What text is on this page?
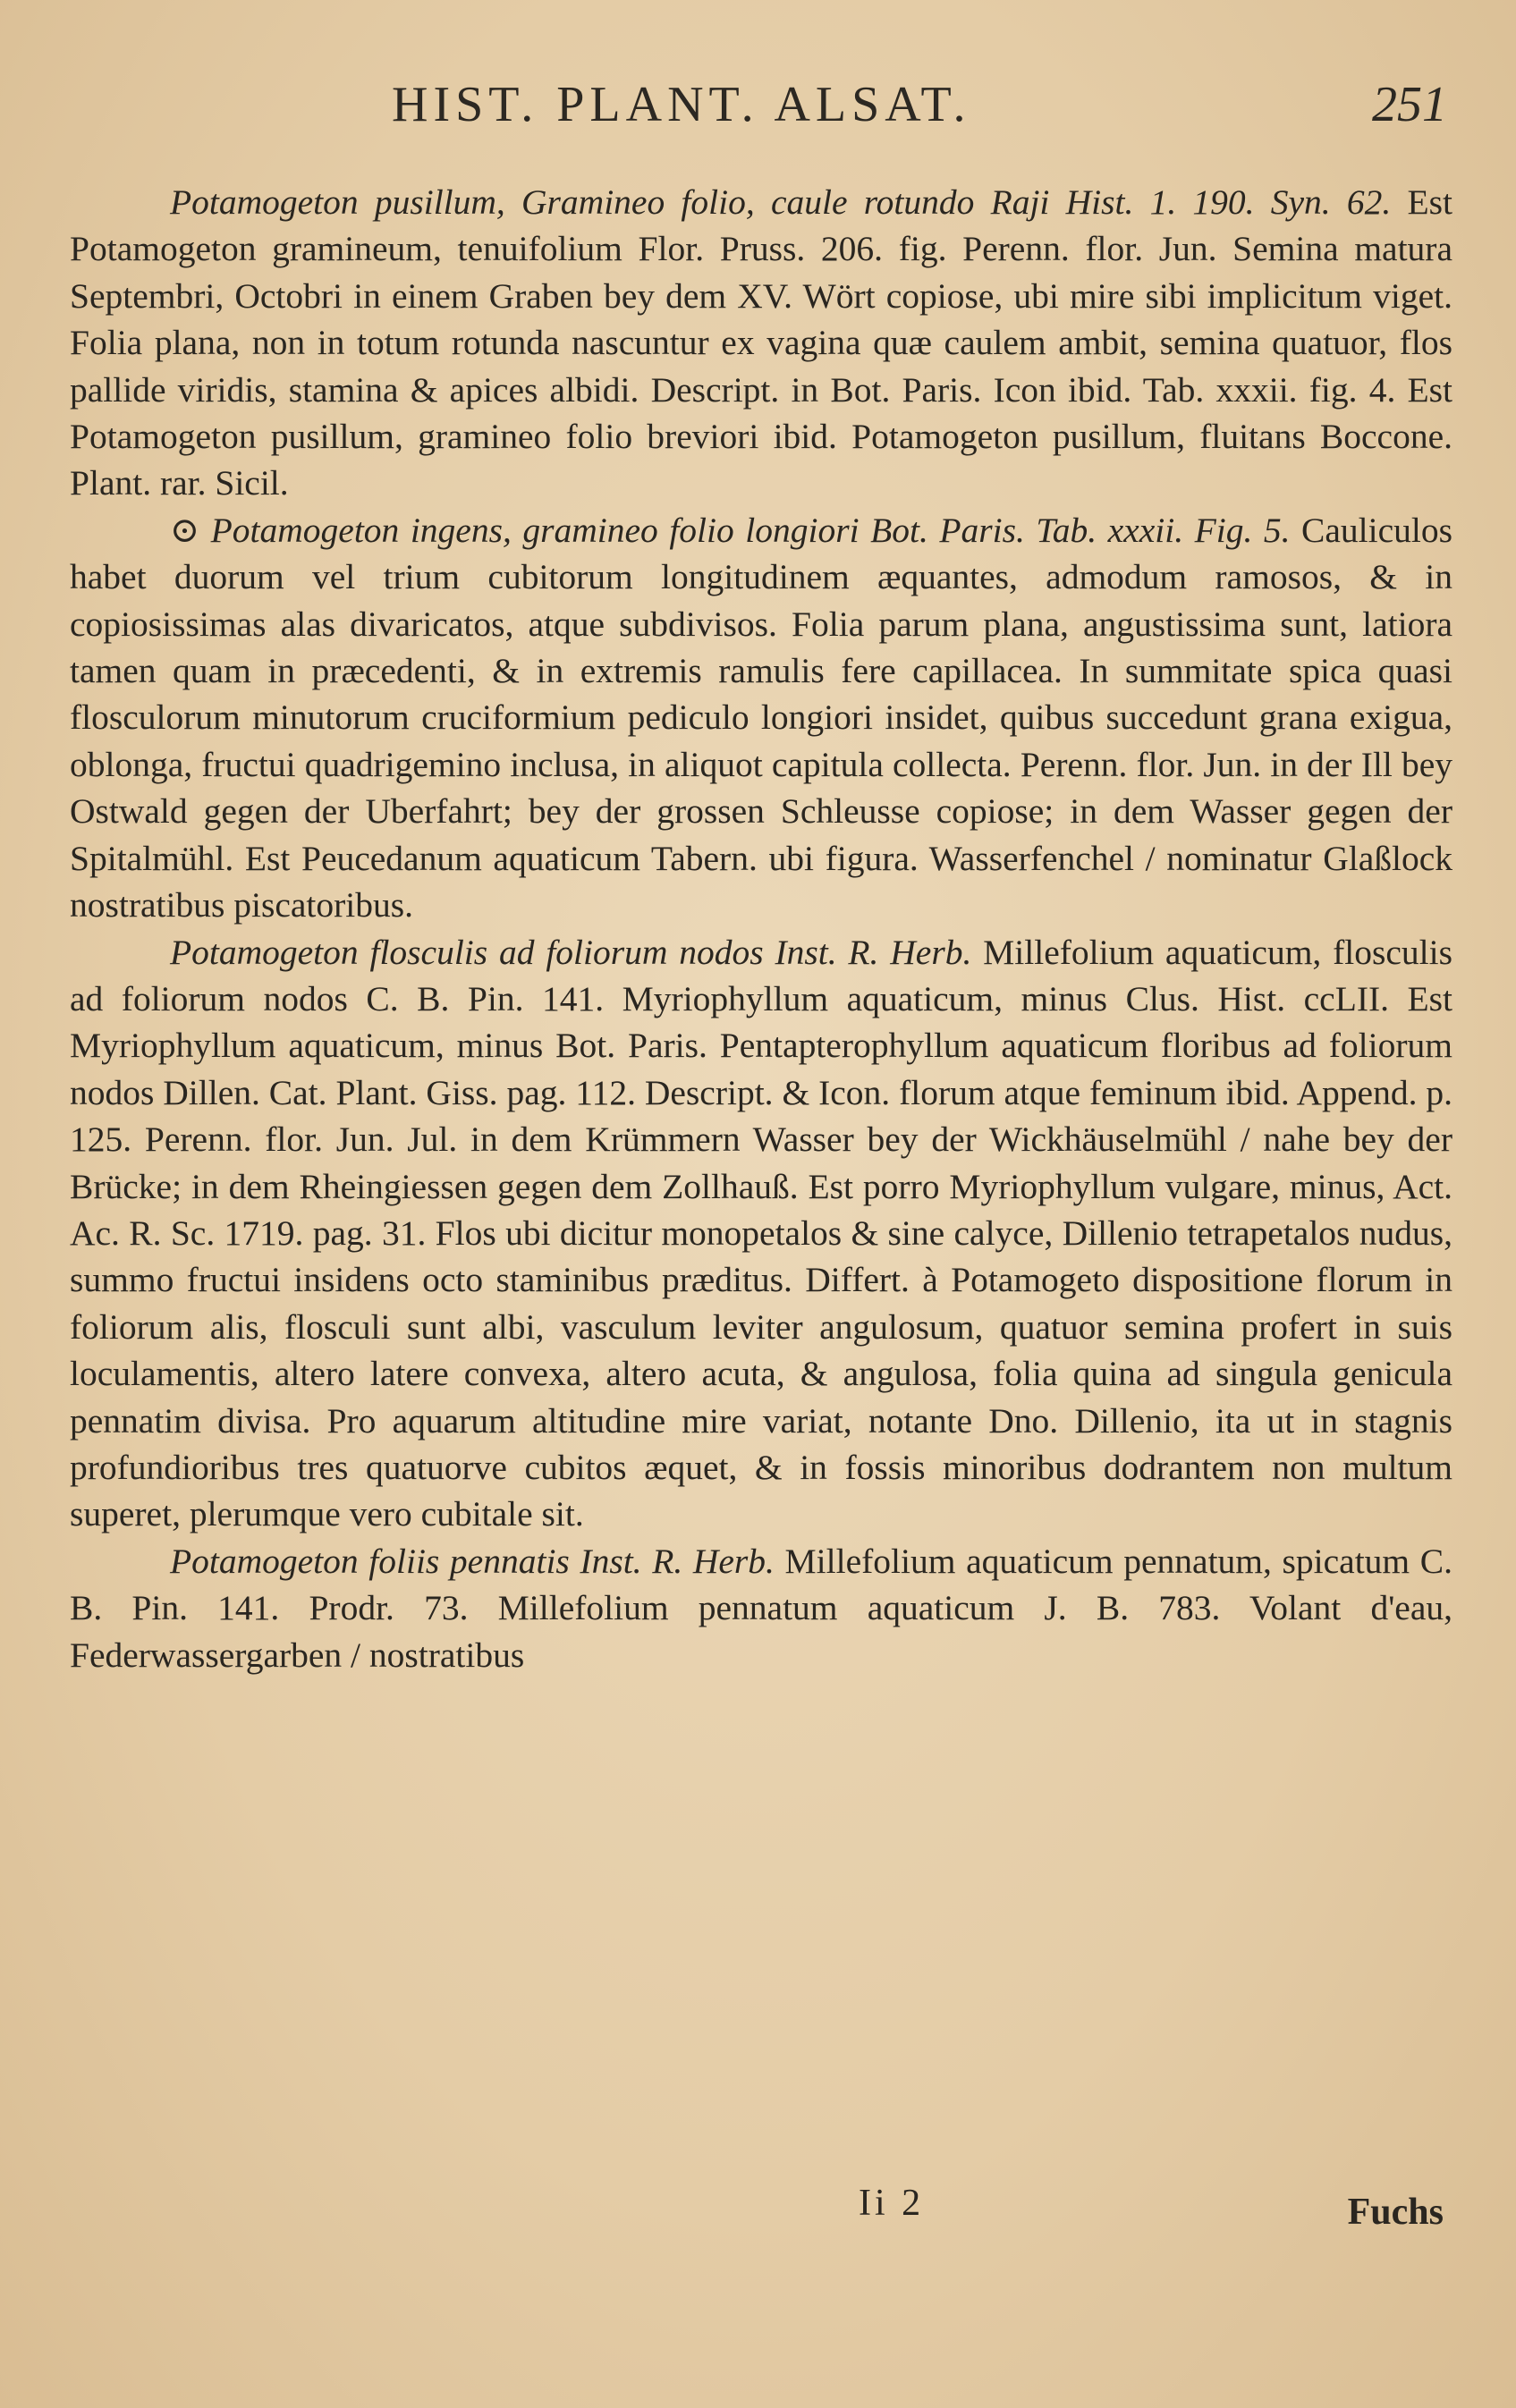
HIST. PLANT. ALSAT.	251

Potamogeton pusillum, Gramineo folio, caule rotundo Raji Hist. 1. 190. Syn. 62. Est Potamogeton gramineum, tenuifolium Flor. Pruss. 206. fig. Perenn. flor. Jun. Semina matura Septembri, Octobri in einem Graben bey dem XV. Wört copiose, ubi mire sibi implicitum viget. Folia plana, non in totum rotunda nascuntur ex vagina quæ caulem ambit, semina quatuor, flos pallide viridis, stamina & apices albidi. Descript. in Bot. Paris. Icon ibid. Tab. xxxii. fig. 4. Est Potamogeton pusillum, gramineo folio breviori ibid. Potamogeton pusillum, fluitans Boccone. Plant. rar. Sicil.

⊙ Potamogeton ingens, gramineo folio longiori Bot. Paris. Tab. xxxii. Fig. 5. Cauliculos habet duorum vel trium cubitorum longitudinem æquantes, admodum ramosos, & in copiosissimas alas divaricatos, atque subdivisos. Folia parum plana, angustissima sunt, latiora tamen quam in præcedenti, & in extremis ramulis fere capillacea. In summitate spica quasi flosculorum minutorum cruciformium pediculo longiori insidet, quibus succedunt grana exigua, oblonga, fructui quadrigemino inclusa, in aliquot capitula collecta. Perenn. flor. Jun. in der Ill bey Ostwald gegen der Uberfahrt; bey der grossen Schleusse copiose; in dem Wasser gegen der Spitalmühl. Est Peucedanum aquaticum Tabern. ubi figura. Wasserfenchel / nominatur Glaßlock nostratibus piscatoribus.

Potamogeton flosculis ad foliorum nodos Inst. R. Herb. Millefolium aquaticum, flosculis ad foliorum nodos C. B. Pin. 141. Myriophyllum aquaticum, minus Clus. Hist. ccLII. Est Myriophyllum aquaticum, minus Bot. Paris. Pentapterophyllum aquaticum floribus ad foliorum nodos Dillen. Cat. Plant. Giss. pag. 112. Descript. & Icon. florum atque feminum ibid. Append. p. 125. Perenn. flor. Jun. Jul. in dem Krümmern Wasser bey der Wickhäuselmühl / nahe bey der Brücke; in dem Rheingiessen gegen dem Zollhauß. Est porro Myriophyllum vulgare, minus, Act. Ac. R. Sc. 1719. pag. 31. Flos ubi dicitur monopetalos & sine calyce, Dillenio tetrapetalos nudus, summo fructui insidens octo staminibus præditus. Differt. à Potamogeto dispositione florum in foliorum alis, flosculi sunt albi, vasculum leviter angulosum, quatuor semina profert in suis loculamentis, altero latere convexa, altero acuta, & angulosa, folia quina ad singula genicula pennatim divisa. Pro aquarum altitudine mire variat, notante Dno. Dillenio, ita ut in stagnis profundioribus tres quatuorve cubitos æquet, & in fossis minoribus dodrantem non multum superet, plerumque vero cubitale sit.

Potamogeton foliis pennatis Inst. R. Herb. Millefolium aquaticum pennatum, spicatum C. B. Pin. 141. Prodr. 73. Millefolium pennatum aquaticum J. B. 783. Volant d'eau, Federwassergarben / nostratibus

Ii 2	Fuchs
